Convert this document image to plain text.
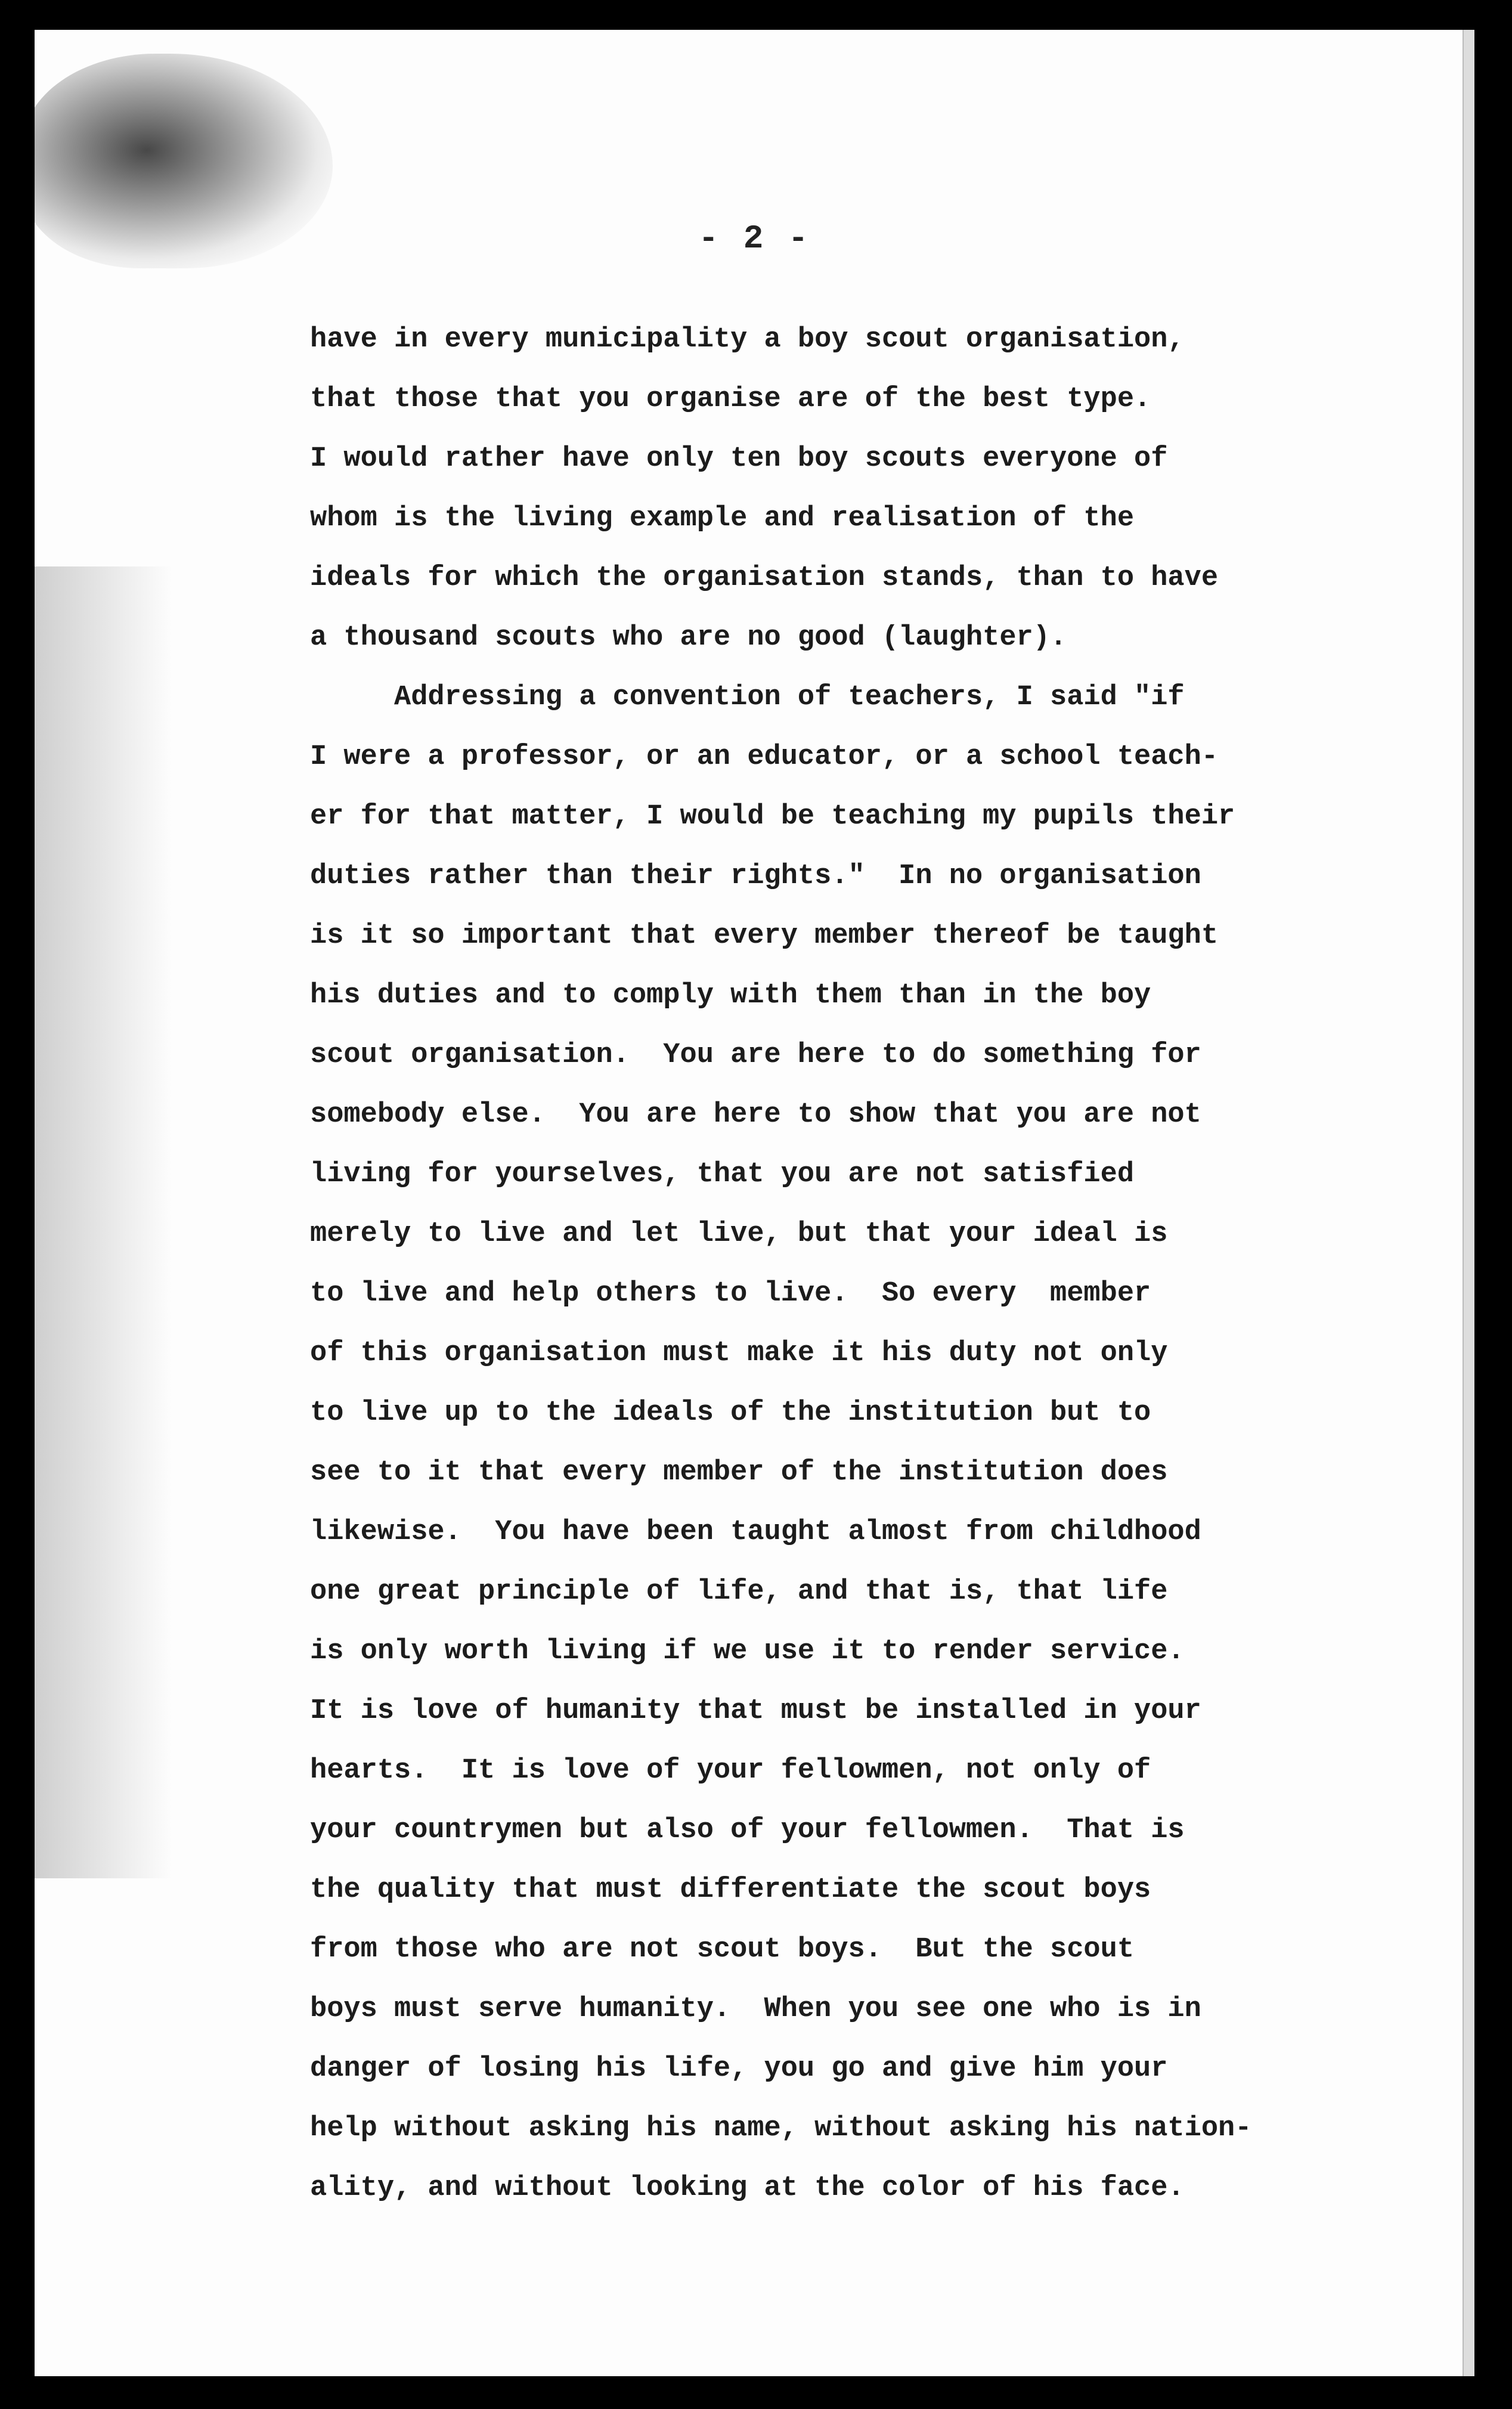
- 2 -
have in every municipality a boy scout organisation,
that those that you organise are of the best type.
I would rather have only ten boy scouts everyone of
whom is the living example and realisation of the
ideals for which the organisation stands, than to have
a thousand scouts who are no good (laughter).
Addressing a convention of teachers, I said "if
I were a professor, or an educator, or a school teach-
er for that matter, I would be teaching my pupils their
duties rather than their rights."  In no organisation
is it so important that every member thereof be taught
his duties and to comply with them than in the boy
scout organisation.  You are here to do something for
somebody else.  You are here to show that you are not
living for yourselves, that you are not satisfied
merely to live and let live, but that your ideal is
to live and help others to live.  So every  member
of this organisation must make it his duty not only
to live up to the ideals of the institution but to
see to it that every member of the institution does
likewise.  You have been taught almost from childhood
one great principle of life, and that is, that life
is only worth living if we use it to render service.
It is love of humanity that must be installed in your
hearts.  It is love of your fellowmen, not only of
your countrymen but also of your fellowmen.  That is
the quality that must differentiate the scout boys
from those who are not scout boys.  But the scout
boys must serve humanity.  When you see one who is in
danger of losing his life, you go and give him your
help without asking his name, without asking his nation-
ality, and without looking at the color of his face.
